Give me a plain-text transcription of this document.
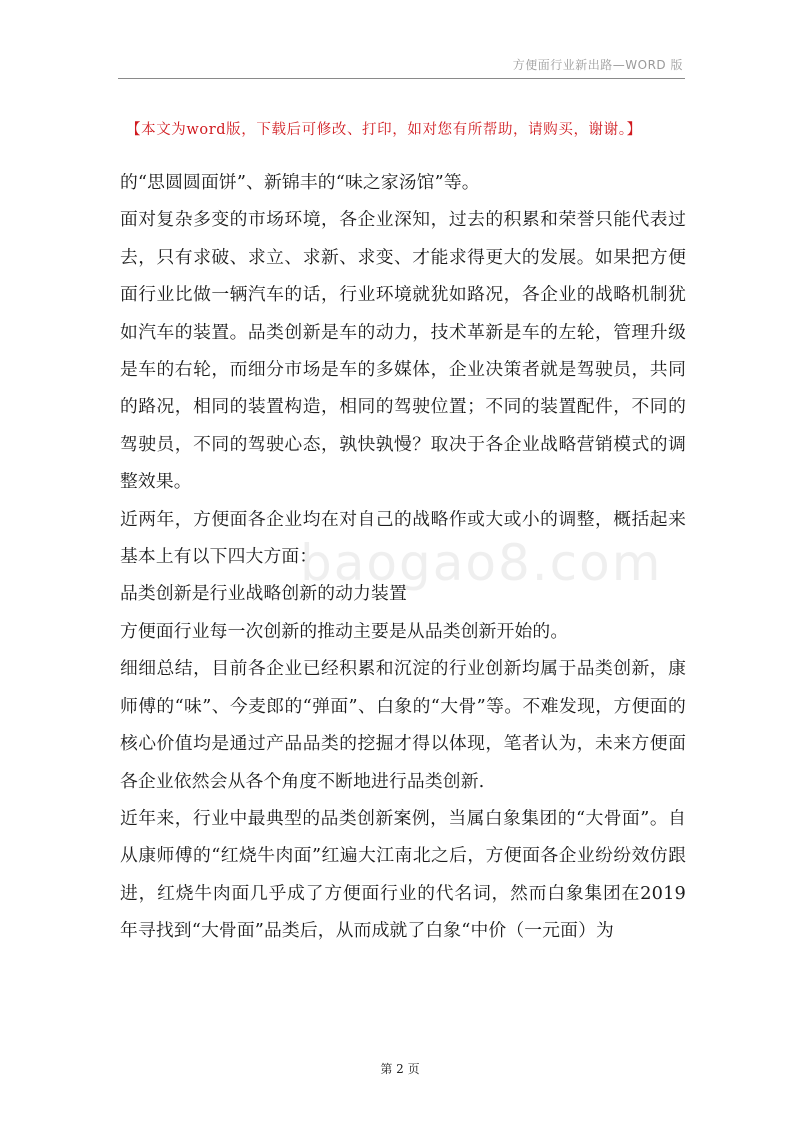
方便面行业新出路—WORD 版
【本文为word版，下载后可修改、打印，如对您有所帮助，请购买，谢谢。】
baogao8.com

的“思圆圆面饼”、新锦丰的“味之家汤馆”等。

面对复杂多变的市场环境，各企业深知，过去的积累和荣誉只能代表过去，只有求破、求立、求新、求变、才能求得更大的发展。如果把方便面行业比做一辆汽车的话，行业环境就犹如路况，各企业的战略机制犹如汽车的装置。品类创新是车的动力，技术革新是车的左轮，管理升级是车的右轮，而细分市场是车的多媒体，企业决策者就是驾驶员，共同的路况，相同的装置构造，相同的驾驶位置；不同的装置配件，不同的驾驶员，不同的驾驶心态，孰快孰慢？取决于各企业战略营销模式的调整效果。

近两年，方便面各企业均在对自己的战略作或大或小的调整，概括起来基本上有以下四大方面：

品类创新是行业战略创新的动力装置

方便面行业每一次创新的推动主要是从品类创新开始的。

细细总结，目前各企业已经积累和沉淀的行业创新均属于品类创新，康师傅的“味”、今麦郎的“弹面”、白象的“大骨”等。不难发现，方便面的核心价值均是通过产品品类的挖掘才得以体现，笔者认为，未来方便面各企业依然会从各个角度不断地进行品类创新.

近年来，行业中最典型的品类创新案例，当属白象集团的“大骨面”。自从康师傅的“红烧牛肉面”红遍大江南北之后，方便面各企业纷纷效仿跟进，红烧牛肉面几乎成了方便面行业的代名词，然而白象集团在2019 年寻找到“大骨面”品类后，从而成就了白象“中价（一元面）为

第 2 页
